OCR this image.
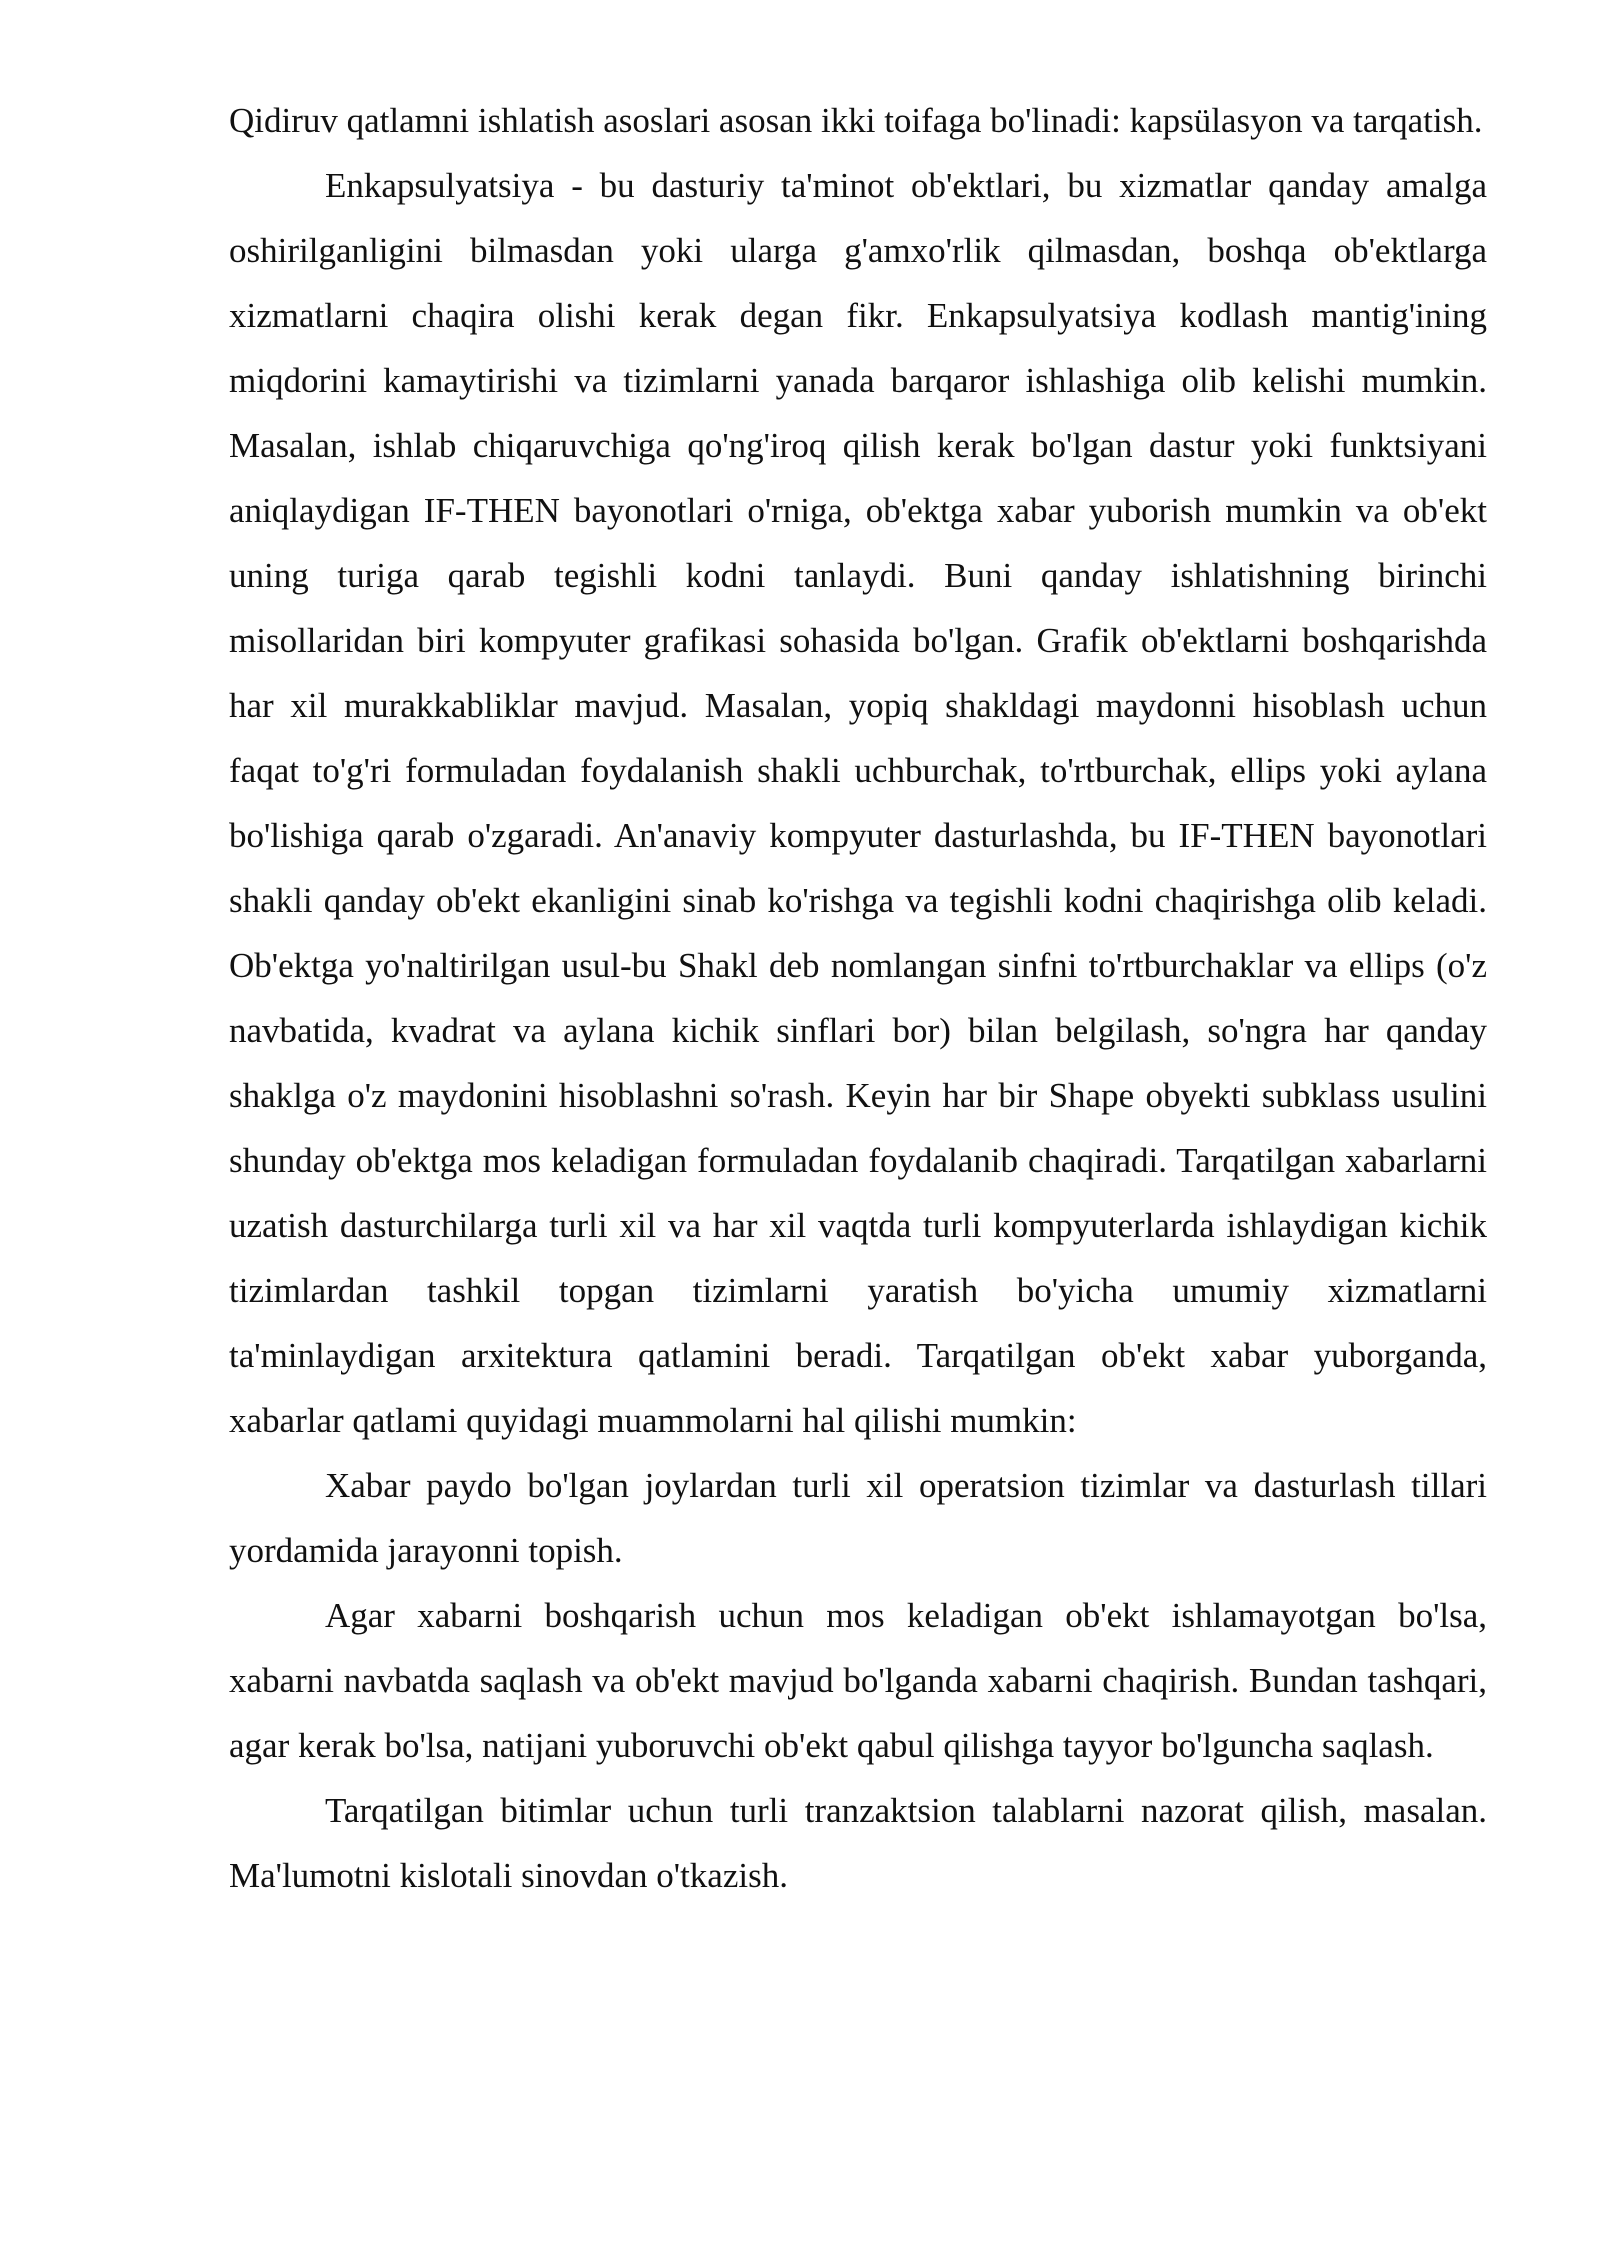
Qidiruv qatlamni ishlatish asoslari asosan ikki toifaga bo'linadi: kapsülasyon va tarqatish.

Enkapsulyatsiya - bu dasturiy ta'minot ob'ektlari, bu xizmatlar qanday amalga oshirilganligini bilmasdan yoki ularga g'amxo'rlik qilmasdan, boshqa ob'ektlarga xizmatlarni chaqira olishi kerak degan fikr. Enkapsulyatsiya kodlash mantig'ining miqdorini kamaytirishi va tizimlarni yanada barqaror ishlashiga olib kelishi mumkin. Masalan, ishlab chiqaruvchiga qo'ng'iroq qilish kerak bo'lgan dastur yoki funktsiyani aniqlaydigan IF-THEN bayonotlari o'rniga, ob'ektga xabar yuborish mumkin va ob'ekt uning turiga qarab tegishli kodni tanlaydi. Buni qanday ishlatishning birinchi misollaridan biri kompyuter grafikasi sohasida bo'lgan. Grafik ob'ektlarni boshqarishda har xil murakkabliklar mavjud. Masalan, yopiq shakldagi maydonni hisoblash uchun faqat to'g'ri formuladan foydalanish shakli uchburchak, to'rtburchak, ellips yoki aylana bo'lishiga qarab o'zgaradi. An'anaviy kompyuter dasturlashda, bu IF-THEN bayonotlari shakli qanday ob'ekt ekanligini sinab ko'rishga va tegishli kodni chaqirishga olib keladi. Ob'ektga yo'naltirilgan usul-bu Shakl deb nomlangan sinfni to'rtburchaklar va ellips (o'z navbatida, kvadrat va aylana kichik sinflari bor) bilan belgilash, so'ngra har qanday shaklga o'z maydonini hisoblashni so'rash. Keyin har bir Shape obyekti subklass usulini shunday ob'ektga mos keladigan formuladan foydalanib chaqiradi. Tarqatilgan xabarlarni uzatish dasturchilarga turli xil va har xil vaqtda turli kompyuterlarda ishlaydigan kichik tizimlardan tashkil topgan tizimlarni yaratish bo'yicha umumiy xizmatlarni ta'minlaydigan arxitektura qatlamini beradi. Tarqatilgan ob'ekt xabar yuborganda, xabarlar qatlami quyidagi muammolarni hal qilishi mumkin:

Xabar paydo bo'lgan joylardan turli xil operatsion tizimlar va dasturlash tillari yordamida jarayonni topish.

Agar xabarni boshqarish uchun mos keladigan ob'ekt ishlamayotgan bo'lsa, xabarni navbatda saqlash va ob'ekt mavjud bo'lganda xabarni chaqirish. Bundan tashqari, agar kerak bo'lsa, natijani yuboruvchi ob'ekt qabul qilishga tayyor bo'lguncha saqlash.

Tarqatilgan bitimlar uchun turli tranzaktsion talablarni nazorat qilish, masalan. Ma'lumotni kislotali sinovdan o'tkazish.
